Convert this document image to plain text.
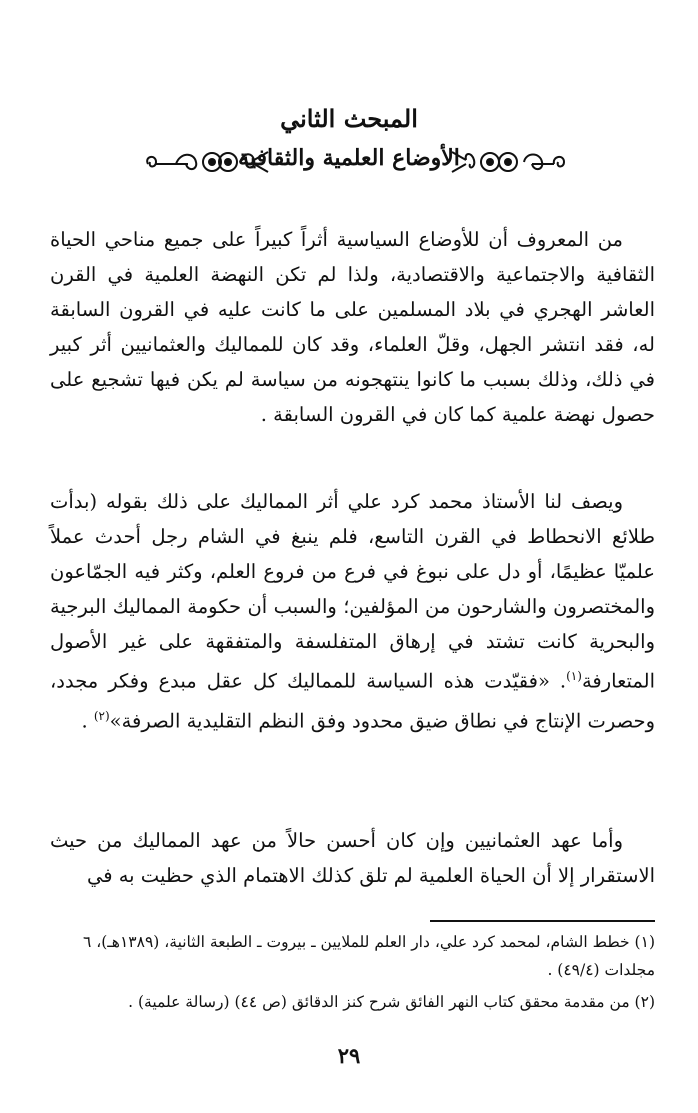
المبحث الثاني
الأوضاع العلمية والثقافية

من المعروف أن للأوضاع السياسية أثراً كبيراً على جميع مناحي الحياة الثقافية والاجتماعية والاقتصادية، ولذا لم تكن النهضة العلمية في القرن العاشر الهجري في بلاد المسلمين على ما كانت عليه في القرون السابقة له، فقد انتشر الجهل، وقلّ العلماء، وقد كان للمماليك والعثمانيين أثر كبير في ذلك، وذلك بسبب ما كانوا ينتهجونه من سياسة لم يكن فيها تشجيع على حصول نهضة علمية كما كان في القرون السابقة .

ويصف لنا الأستاذ محمد كرد علي أثر المماليك على ذلك بقوله (بدأت طلائع الانحطاط في القرن التاسع، فلم ينبغ في الشام رجل أحدث عملاً علميّا عظيمًا، أو دل على نبوغ في فرع من فروع العلم، وكثر فيه الجمّاعون والمختصرون والشارحون من المؤلفين؛ والسبب أن حكومة المماليك البرجية والبحرية كانت تشتد في إرهاق المتفلسفة والمتفقهة على غير الأصول المتعارفة$^{(١)}$. «فقيّدت هذه السياسة للمماليك كل عقل مبدع وفكر مجدد، وحصرت الإنتاج في نطاق ضيق محدود وفق النظم التقليدية الصرفة»$^{(٢)}$ .

وأما عهد العثمانيين وإن كان أحسن حالاً من عهد المماليك من حيث الاستقرار إلا أن الحياة العلمية لم تلق كذلك الاهتمام الذي حظيت به في

(١) خطط الشام، لمحمد كرد علي، دار العلم للملايين ـ بيروت ـ الطبعة الثانية، (١٣٨٩هـ)، ٦ مجلدات (٤٩/٤) .

(٢) من مقدمة محقق كتاب النهر الفائق شرح كنز الدقائق (ص ٤٤) (رسالة علمية) .

٢٩
